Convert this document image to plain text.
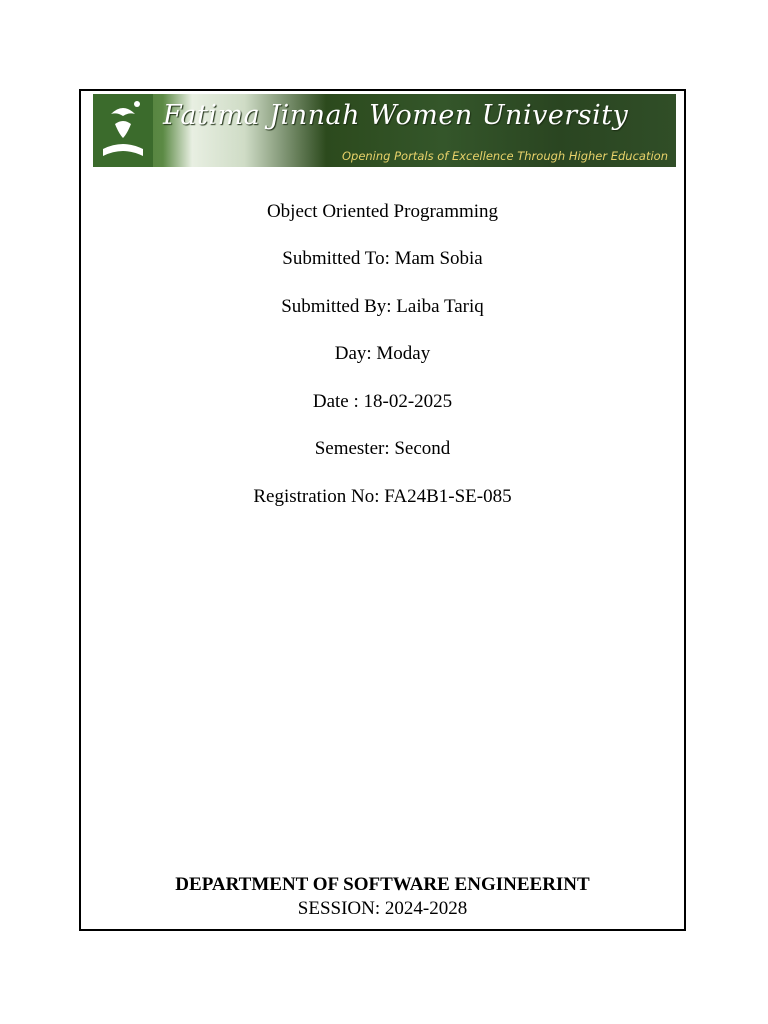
Fatima Jinnah Women University
Opening Portals of Excellence Through Higher Education
Object Oriented Programming
Submitted To: Mam Sobia
Submitted By: Laiba Tariq
Day: Moday
Date : 18-02-2025
Semester: Second
Registration No: FA24B1-SE-085
DEPARTMENT OF SOFTWARE ENGINEERINT
SESSION: 2024-2028
